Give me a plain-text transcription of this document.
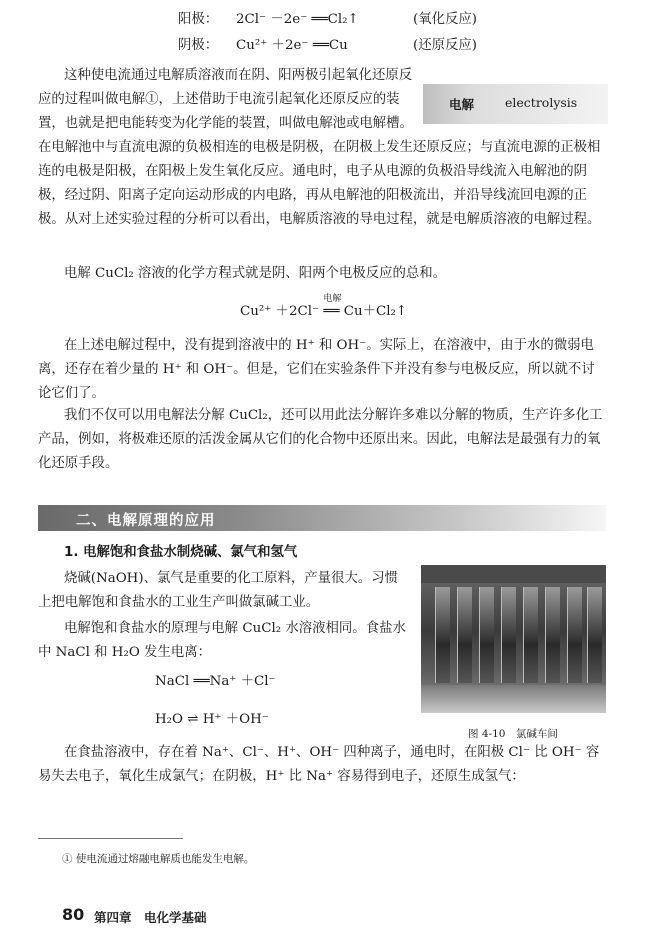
阳极： 2Cl⁻ －2e⁻ ══Cl₂↑	(氧化反应)
阴极： Cu²⁺ ＋2e⁻ ══Cu	(还原反应)
电解 electrolysis
这种使电流通过电解质溶液而在阴、阳两极引起氧化还原反应的过程叫做电解①，上述借助于电流引起氧化还原反应的装置，也就是把电能转变为化学能的装置，叫做电解池或电解槽。在电解池中与直流电源的负极相连的电极是阴极，在阴极上发生还原反应；与直流电源的正极相连的电极是阳极，在阳极上发生氧化反应。通电时，电子从电源的负极沿导线流入电解池的阴极，经过阴、阳离子定向运动形成的内电路，再从电解池的阳极流出，并沿导线流回电源的正极。从对上述实验过程的分析可以看出，电解质溶液的导电过程，就是电解质溶液的电解过程。

电解 CuCl₂ 溶液的化学方程式就是阴、阳两个电极反应的总和。

Cu²⁺ ＋2Cl⁻
电解
══ Cu＋Cl₂↑

在上述电解过程中，没有提到溶液中的 H⁺ 和 OH⁻。实际上，在溶液中，由于水的微弱电离，还存在着少量的 H⁺ 和 OH⁻。但是，它们在实验条件下并没有参与电极反应，所以就不讨论它们了。

我们不仅可以用电解法分解 CuCl₂，还可以用此法分解许多难以分解的物质，生产许多化工产品，例如，将极难还原的活泼金属从它们的化合物中还原出来。因此，电解法是最强有力的氧化还原手段。

二、电解原理的应用
1. 电解饱和食盐水制烧碱、氯气和氢气

烧碱(NaOH)、氯气是重要的化工原料，产量很大。习惯上把电解饱和食盐水的工业生产叫做氯碱工业。

电解饱和食盐水的原理与电解 CuCl₂ 水溶液相同。食盐水中 NaCl 和 H₂O 发生电离：

NaCl ══Na⁺ ＋Cl⁻
H₂O ⇌ H⁺ ＋OH⁻
图 4-10　氯碱车间

在食盐溶液中，存在着 Na⁺、Cl⁻、H⁺、OH⁻ 四种离子，通电时，在阳极 Cl⁻ 比 OH⁻ 容易失去电子，氧化生成氯气；在阴极，H⁺ 比 Na⁺ 容易得到电子，还原生成氢气：

① 使电流通过熔融电解质也能发生电解。
80 第四章　电化学基础
